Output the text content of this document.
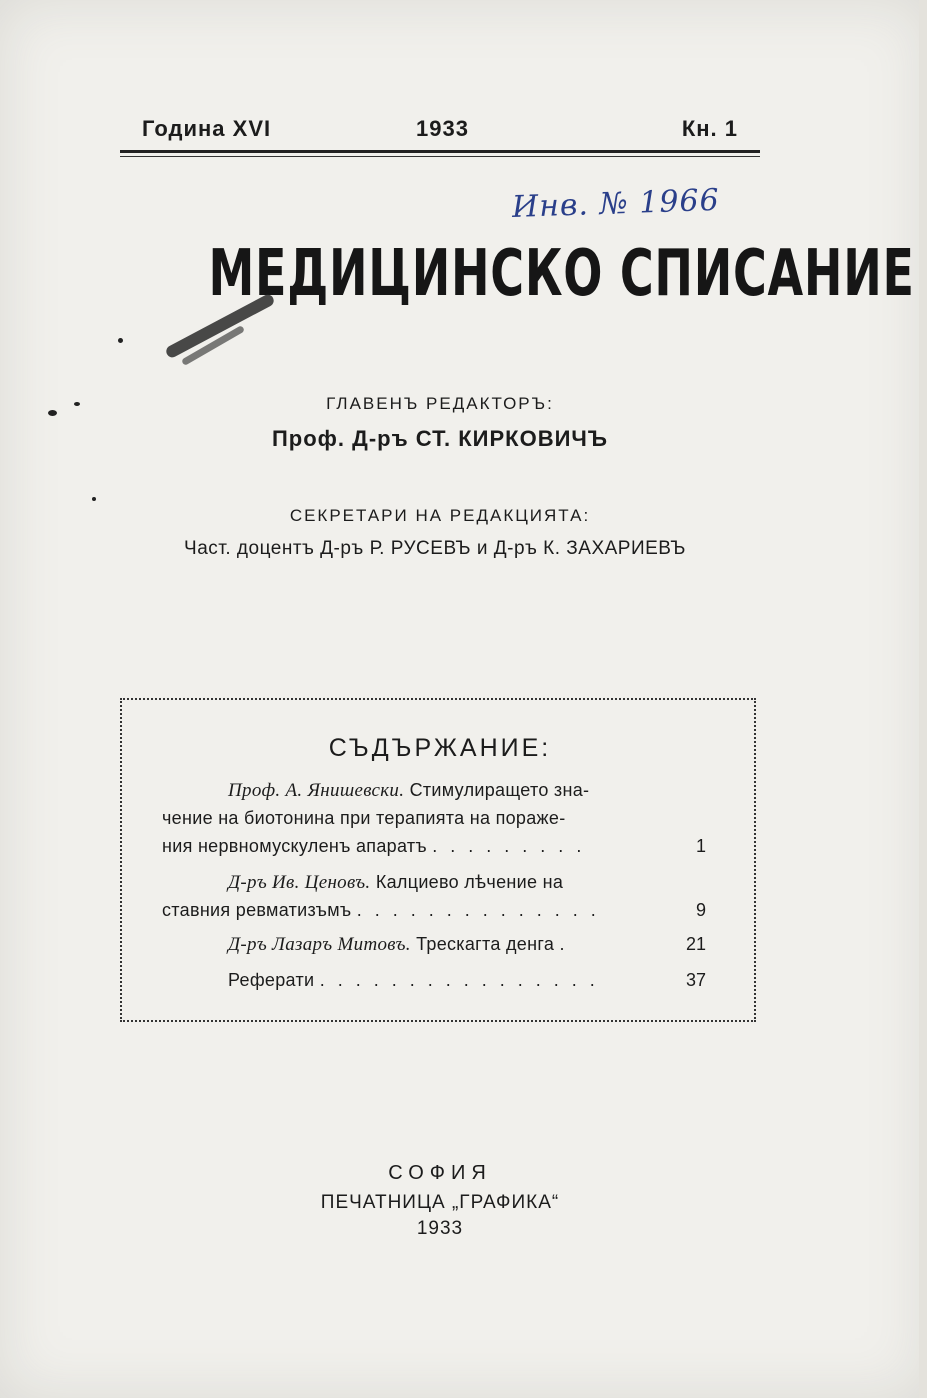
Година XVI	1933	Кн. 1
Инв. № 1966
МЕДИЦИНСКО СПИСАНИЕ
ГЛАВЕНЪ РЕДАКТОРЪ:
Проф. Д-ръ СТ. КИРКОВИЧЪ
СЕКРЕТАРИ НА РЕДАКЦИЯТА:
Част. доцентъ Д-ръ Р. РУСЕВЪ и Д-ръ К. ЗАХАРИЕВЪ
СЪДЪРЖАНИЕ:
Проф. А. Янишевски. Стимулиращето зна-
чение на биотонина при терапията на пораже-
ния нервномускуленъ апаратъ . . . . . . . . .	1
Д-ръ Ив. Ценовъ. Калциево лѣчение на
ставния ревматизъмъ . . . . . . . . . . . . . .	9
Д-ръ Лазаръ Митовъ. Трескагта денга .	21
Реферати . . . . . . . . . . . . . . . .	37
СОФИЯ
ПЕЧАТНИЦА „ГРАФИКА“
1933
